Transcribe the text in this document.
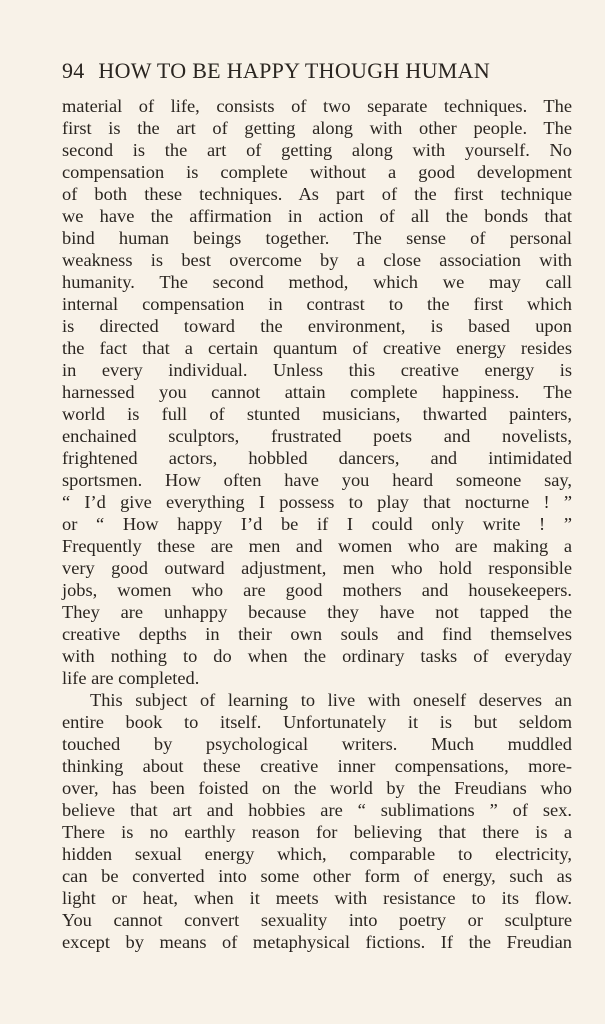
94 HOW TO BE HAPPY THOUGH HUMAN
material of life, consists of two separate techniques. The
first is the art of getting along with other people. The
second is the art of getting along with yourself. No
compensation is complete without a good development
of both these techniques. As part of the first technique
we have the affirmation in action of all the bonds that
bind human beings together. The sense of personal
weakness is best overcome by a close association with
humanity. The second method, which we may call
internal compensation in contrast to the first which
is directed toward the environment, is based upon
the fact that a certain quantum of creative energy resides
in every individual. Unless this creative energy is
harnessed you cannot attain complete happiness. The
world is full of stunted musicians, thwarted painters,
enchained sculptors, frustrated poets and novelists,
frightened actors, hobbled dancers, and intimidated
sportsmen. How often have you heard someone say,
“ I’d give everything I possess to play that nocturne ! ”
or “ How happy I’d be if I could only write ! ”
Frequently these are men and women who are making a
very good outward adjustment, men who hold responsible
jobs, women who are good mothers and housekeepers.
They are unhappy because they have not tapped the
creative depths in their own souls and find themselves
with nothing to do when the ordinary tasks of everyday
life are completed.
This subject of learning to live with oneself deserves an
entire book to itself. Unfortunately it is but seldom
touched by psychological writers. Much muddled
thinking about these creative inner compensations, more-
over, has been foisted on the world by the Freudians who
believe that art and hobbies are “ sublimations ” of sex.
There is no earthly reason for believing that there is a
hidden sexual energy which, comparable to electricity,
can be converted into some other form of energy, such as
light or heat, when it meets with resistance to its flow.
You cannot convert sexuality into poetry or sculpture
except by means of metaphysical fictions. If the Freudian
